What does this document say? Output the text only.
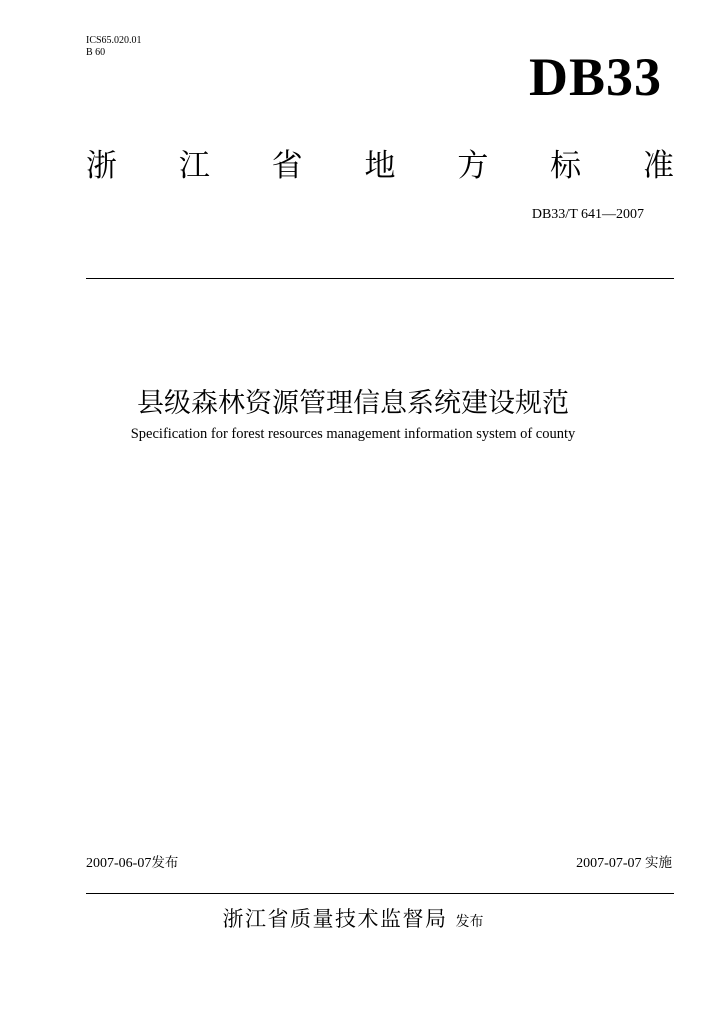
ICS65.020.01
B 60	DB33
浙 江 省 地 方 标 准
DB33/T 641—2007
县级森林资源管理信息系统建设规范
Specification for forest resources management information system of county
2007-06-07发布	2007-07-07 实施
浙江省质量技术监督局 发布
